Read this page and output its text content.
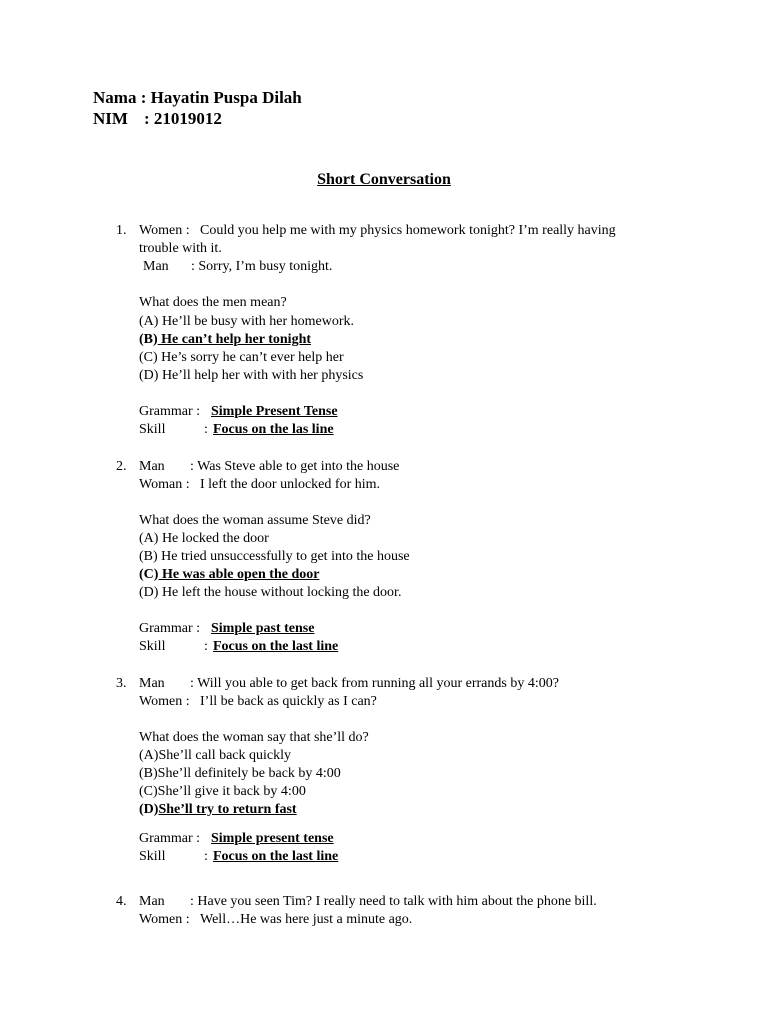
Nama : Hayatin Puspa Dilah
NIM : 21019012
Short Conversation
1. Women : Could you help me with my physics homework tonight? I’m really having
trouble with it.
Man : Sorry, I’m busy tonight.
What does the men mean?
(A) He’ll be busy with her homework.
(B) He can’t help her tonight
(C) He’s sorry he can’t ever help her
(D) He’ll help her with with her physics
Grammar : Simple Present Tense
Skill	: Focus on the las line
2. Man : Was Steve able to get into the house
Woman : I left the door unlocked for him.
What does the woman assume Steve did?
(A) He locked the door
(B) He tried unsuccessfully to get into the house
(C) He was able open the door
(D) He left the house without locking the door.
Grammar : Simple past tense
Skill	: Focus on the last line
3. Man : Will you able to get back from running all your errands by 4:00?
Women : I’ll be back as quickly as I can?
What does the woman say that she’ll do?
(A)She’ll call back quickly
(B)She’ll definitely be back by 4:00
(C)She’ll give it back by 4:00
(D)She’ll try to return fast
Grammar : Simple present tense
Skill	: Focus on the last line
4. Man : Have you seen Tim? I really need to talk with him about the phone bill.
Women : Well…He was here just a minute ago.
